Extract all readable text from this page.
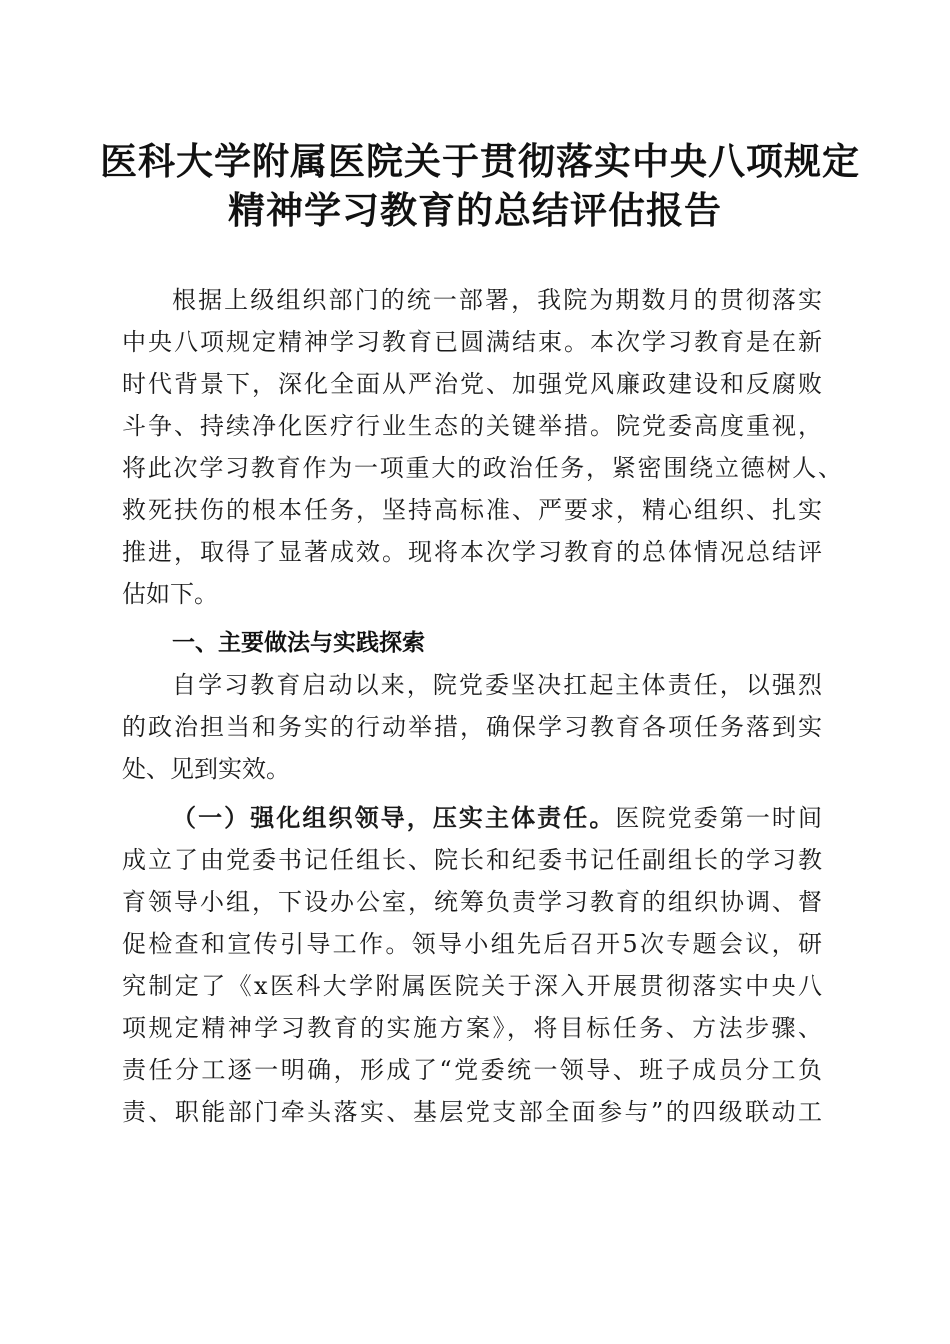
医科大学附属医院关于贯彻落实中央八项规定
精神学习教育的总结评估报告
根据上级组织部门的统一部署，我院为期数月的贯彻落实
中央八项规定精神学习教育已圆满结束。本次学习教育是在新
时代背景下，深化全面从严治党、加强党风廉政建设和反腐败
斗争、持续净化医疗行业生态的关键举措。院党委高度重视，
将此次学习教育作为一项重大的政治任务，紧密围绕立德树人、
救死扶伤的根本任务，坚持高标准、严要求，精心组织、扎实
推进，取得了显著成效。现将本次学习教育的总体情况总结评
估如下。
一、主要做法与实践探索
自学习教育启动以来，院党委坚决扛起主体责任，以强烈
的政治担当和务实的行动举措，确保学习教育各项任务落到实
处、见到实效。
（一）强化组织领导，压实主体责任。医院党委第一时间
成立了由党委书记任组长、院长和纪委书记任副组长的学习教
育领导小组，下设办公室，统筹负责学习教育的组织协调、督
促检查和宣传引导工作。领导小组先后召开5次专题会议，研
究制定了《x医科大学附属医院关于深入开展贯彻落实中央八
项规定精神学习教育的实施方案》，将目标任务、方法步骤、
责任分工逐一明确，形成了“党委统一领导、班子成员分工负
责、职能部门牵头落实、基层党支部全面参与”的四级联动工
